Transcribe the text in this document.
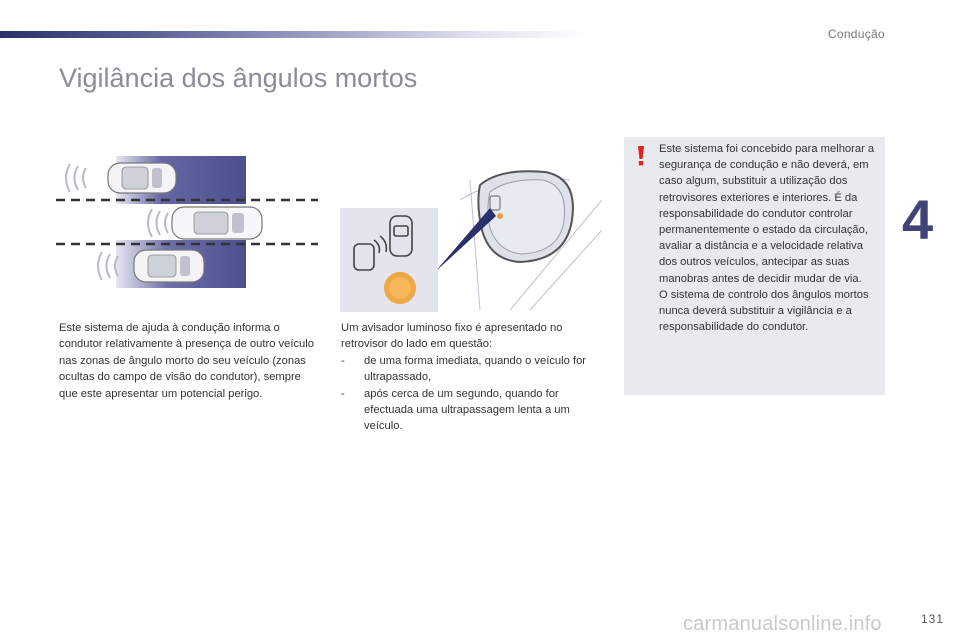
Condução
Vigilância dos ângulos mortos
4
Este sistema de ajuda à condução informa o condutor relativamente à presença de outro veículo nas zonas de ângulo morto do seu veículo (zonas ocultas do campo de visão do condutor), sempre que este apresentar um potencial perigo.
Um avisador luminoso fixo é apresentado no retrovisor do lado em questão:
- de uma forma imediata, quando o veículo for ultrapassado,
- após cerca de um segundo, quando for efectuada uma ultrapassagem lenta a um veículo.
Este sistema foi concebido para melhorar a segurança de condução e não deverá, em caso algum, substituir a utilização dos retrovisores exteriores e interiores. É da responsabilidade do condutor controlar permanentemente o estado da circulação, avaliar a distância e a velocidade relativa dos outros veículos, antecipar as suas manobras antes de decidir mudar de via.
O sistema de controlo dos ângulos mortos nunca deverá substituir a vigilância e a responsabilidade do condutor.
carmanualsonline.info	131
